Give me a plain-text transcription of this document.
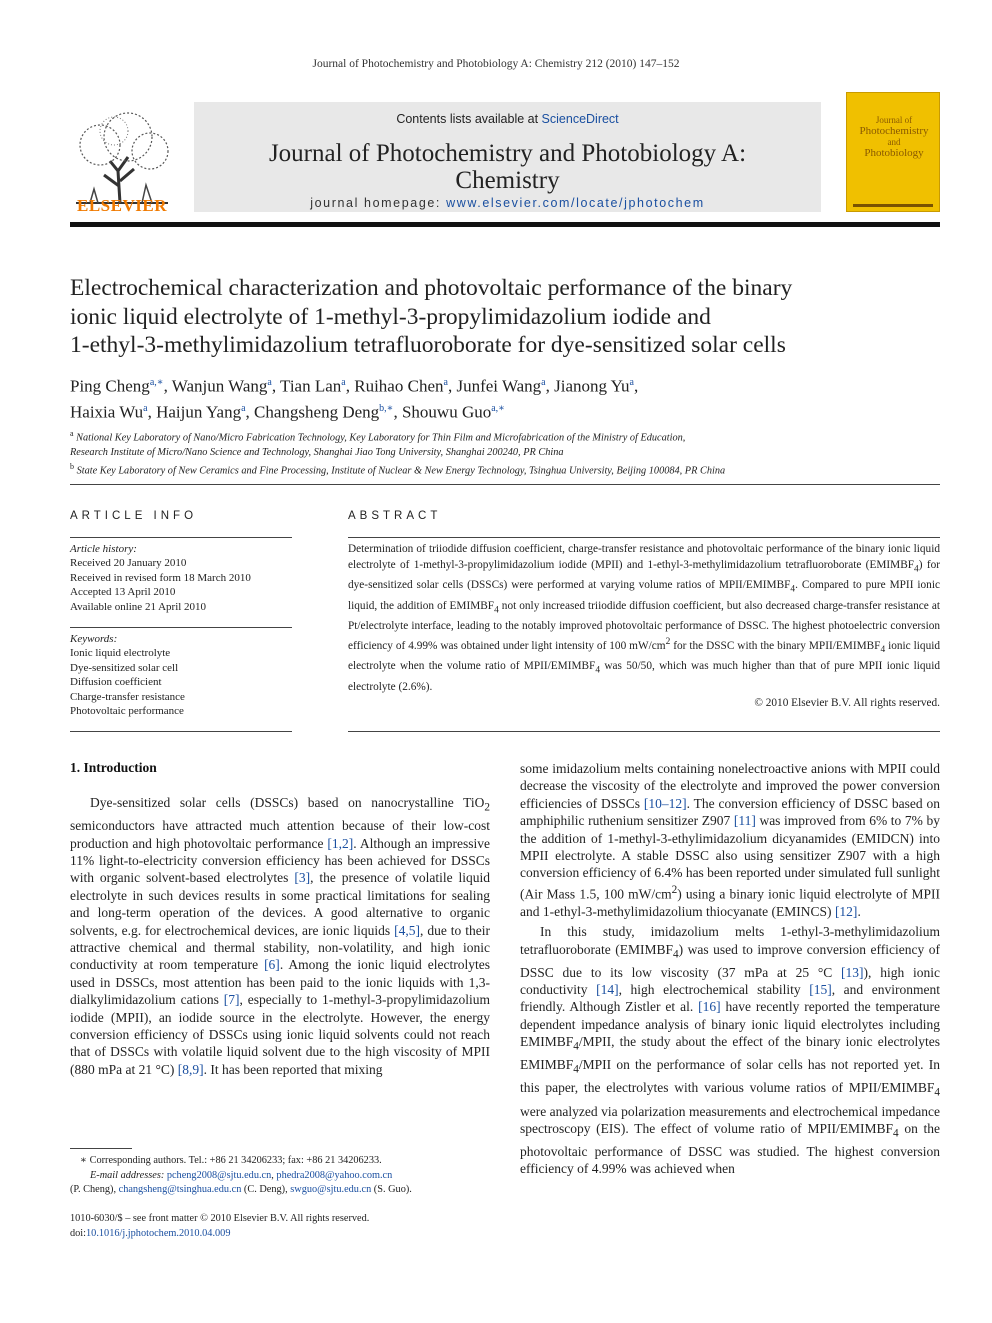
Journal of Photochemistry and Photobiology A: Chemistry 212 (2010) 147–152
ELSEVIER
Contents lists available at ScienceDirect
Journal of Photochemistry and Photobiology A:
Chemistry
journal homepage: www.elsevier.com/locate/jphotochem
Journal of
Photochemistry
and
Photobiology
Electrochemical characterization and photovoltaic performance of the binary
ionic liquid electrolyte of 1-methyl-3-propylimidazolium iodide and
1-ethyl-3-methylimidazolium tetrafluoroborate for dye-sensitized solar cells
Ping Cheng$^{a,∗}$, Wanjun Wang$^a$, Tian Lan$^a$, Ruihao Chen$^a$, Junfei Wang$^a$, Jianong Yu$^a$,
Haixia Wu$^a$, Haijun Yang$^a$, Changsheng Deng$^{b,∗}$, Shouwu Guo$^{a,∗}$
$^a$ National Key Laboratory of Nano/Micro Fabrication Technology, Key Laboratory for Thin Film and Microfabrication of the Ministry of Education,
Research Institute of Micro/Nano Science and Technology, Shanghai Jiao Tong University, Shanghai 200240, PR China
$^b$ State Key Laboratory of New Ceramics and Fine Processing, Institute of Nuclear & New Energy Technology, Tsinghua University, Beijing 100084, PR China
ARTICLE INFO
Article history:
Received 20 January 2010
Received in revised form 18 March 2010
Accepted 13 April 2010
Available online 21 April 2010
Keywords:
Ionic liquid electrolyte
Dye-sensitized solar cell
Diffusion coefficient
Charge-transfer resistance
Photovoltaic performance
ABSTRACT
Determination of triiodide diffusion coefficient, charge-transfer resistance and photovoltaic performance of the binary ionic liquid electrolyte of 1-methyl-3-propylimidazolium iodide (MPII) and 1-ethyl-3-methylimidazolium tetrafluoroborate $(EMIMBF_4)$ for dye-sensitized solar cells (DSSCs) were performed at varying volume ratios of MPII/$EMIMBF_4$. Compared to pure MPII ionic liquid, the addition of $EMIMBF_4$ not only increased triiodide diffusion coefficient, but also decreased charge-transfer resistance at Pt/electrolyte interface, leading to the notably improved photovoltaic performance of DSSC. The highest photoelectric conversion efficiency of 4.99% was obtained under light intensity of 100 $mW/cm^2$ for the DSSC with the binary MPII/$EMIMBF_4$ ionic liquid electrolyte when the volume ratio of MPII/$EMIMBF_4$ was 50/50, which was much higher than that of pure MPII ionic liquid electrolyte (2.6%).
© 2010 Elsevier B.V. All rights reserved.
1. Introduction

Dye-sensitized solar cells (DSSCs) based on nanocrystalline TiO$_2$ semiconductors have attracted much attention because of their low-cost production and high photovoltaic performance [1,2]. Although an impressive 11% light-to-electricity conversion efficiency has been achieved for DSSCs with organic solvent-based electrolytes [3], the presence of volatile liquid electrolyte in such devices results in some practical limitations for sealing and long-term operation of the devices. A good alternative to organic solvents, e.g. for electrochemical devices, are ionic liquids [4,5], due to their attractive chemical and thermal stability, non-volatility, and high ionic conductivity at room temperature [6]. Among the ionic liquid electrolytes used in DSSCs, most attention has been paid to the ionic liquids with 1,3-dialkylimidazolium cations [7], especially to 1-methyl-3-propylimidazolium iodide (MPII), an iodide source in the electrolyte. However, the energy conversion efficiency of DSSCs using ionic liquid solvents could not reach that of DSSCs with volatile liquid solvent due to the high viscosity of MPII (880 mPa at 21 °C) [8,9]. It has been reported that mixing

some imidazolium melts containing nonelectroactive anions with MPII could decrease the viscosity of the electrolyte and improved the power conversion efficiencies of DSSCs [10–12]. The conversion efficiency of DSSC based on amphiphilic ruthenium sensitizer Z907 [11] was improved from 6% to 7% by the addition of 1-methyl-3-ethylimidazolium dicyanamides (EMIDCN) into MPII electrolyte. A stable DSSC also using sensitizer Z907 with a high conversion efficiency of 6.4% has been reported under simulated full sunlight (Air Mass 1.5, 100 $mW/cm^2$) using a binary ionic liquid electrolyte of MPII and 1-ethyl-3-methylimidazolium thiocyanate (EMINCS) [12].

In this study, imidazolium melts 1-ethyl-3-methylimidazolium tetrafluoroborate $(EMIMBF_4)$ was used to improve conversion efficiency of DSSC due to its low viscosity (37 mPa at 25 °C [13]), high ionic conductivity [14], high electrochemical stability [15], and environment friendly. Although Zistler et al. [16] have recently reported the temperature dependent impedance analysis of binary ionic liquid electrolytes including $EMIMBF_4$/MPII, the study about the effect of the binary ionic electrolytes $EMIMBF_4$/MPII on the performance of solar cells has not reported yet. In this paper, the electrolytes with various volume ratios of MPII/$EMIMBF_4$ were analyzed via polarization measurements and electrochemical impedance spectroscopy (EIS). The effect of volume ratio of MPII/$EMIMBF_4$ on the photovoltaic performance of DSSC was studied. The highest conversion efficiency of 4.99% was achieved when

∗ Corresponding authors. Tel.: +86 21 34206233; fax: +86 21 34206233.
E-mail addresses: pcheng2008@sjtu.edu.cn, phedra2008@yahoo.com.cn
(P. Cheng), changsheng@tsinghua.edu.cn (C. Deng), swguo@sjtu.edu.cn (S. Guo).
1010-6030/$ – see front matter © 2010 Elsevier B.V. All rights reserved.
doi:10.1016/j.jphotochem.2010.04.009
